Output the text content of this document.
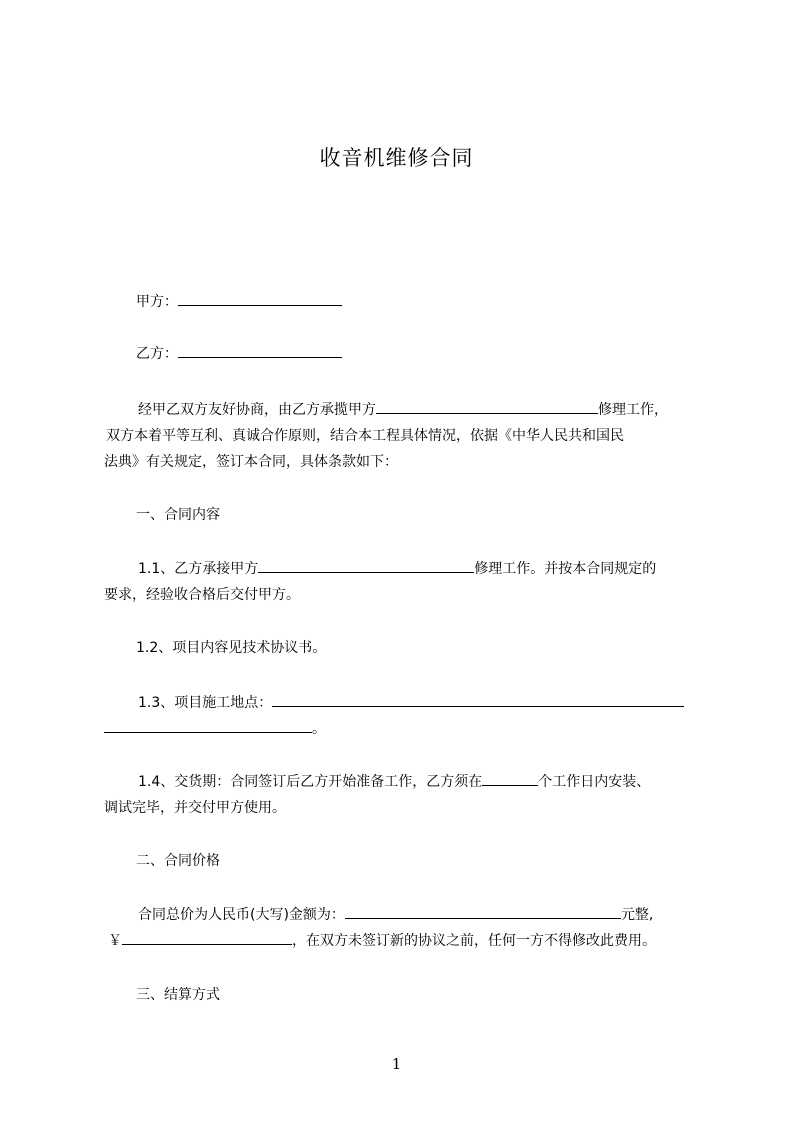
收音机维修合同
甲方：
乙方：
经甲乙双方友好协商，由乙方承揽甲方	修理工作，
双方本着平等互利、真诚合作原则，结合本工程具体情况，依据《中华人民共和国民
法典》有关规定，签订本合同，具体条款如下：
一、合同内容
1.1、乙方承接甲方	修理工作。并按本合同规定的
要求，经验收合格后交付甲方。
1.2、项目内容见技术协议书。
1.3、项目施工地点：
。
1.4、交货期：合同签订后乙方开始准备工作，乙方须在	个工作日内安装、
调试完毕，并交付甲方使用。
二、合同价格
合同总价为人民币(大写)金额为：	元整,
￥	，在双方未签订新的协议之前，任何一方不得修改此费用。
三、结算方式
1
